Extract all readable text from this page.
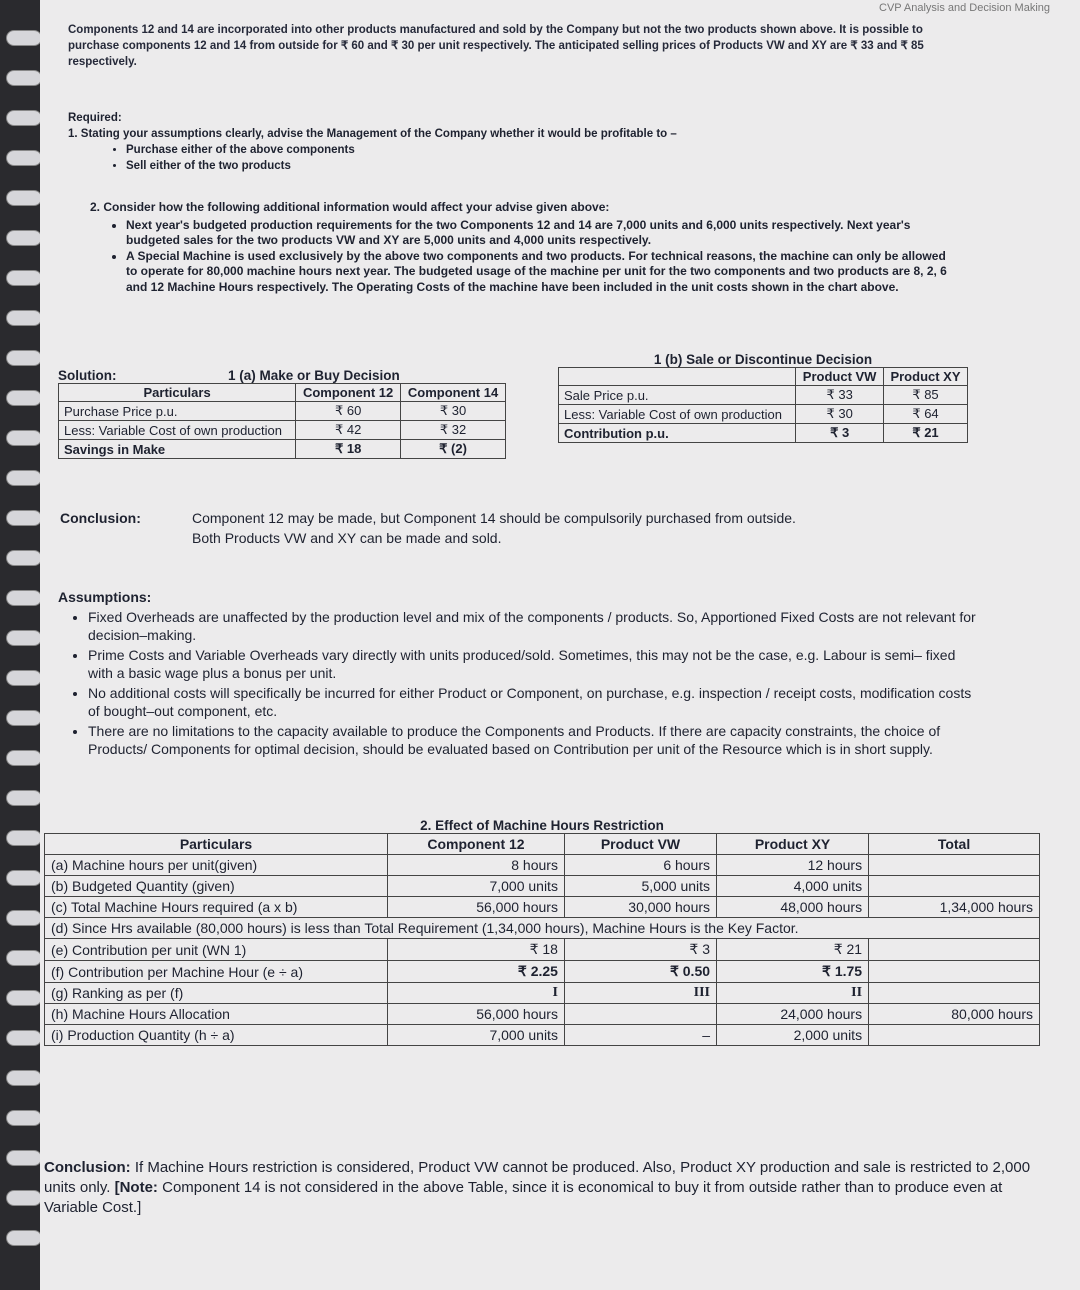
CVP Analysis and Decision Making

Components 12 and 14 are incorporated into other products manufactured and sold by the Company but not the two products shown above. It is possible to purchase components 12 and 14 from outside for ₹ 60 and ₹ 30 per unit respectively. The anticipated selling prices of Products VW and XY are ₹ 33 and ₹ 85 respectively.

Required:
1. Stating your assumptions clearly, advise the Management of the Company whether it would be profitable to –
• Purchase either of the above components
• Sell either of the two products
2. Consider how the following additional information would affect your advise given above:
• Next year's budgeted production requirements for the two Components 12 and 14 are 7,000 units and 6,000 units respectively. Next year's budgeted sales for the two products VW and XY are 5,000 units and 4,000 units respectively.
• A Special Machine is used exclusively by the above two components and two products. For technical reasons, the machine can only be allowed to operate for 80,000 machine hours next year. The budgeted usage of the machine per unit for the two components and two products are 8, 2, 6 and 12 Machine Hours respectively. The Operating Costs of the machine have been included in the unit costs shown in the chart above.
Solution:	1 (a) Make or Buy Decision
Particulars	Component 12	Component 14
Purchase Price p.u.	₹ 60	₹ 30
Less: Variable Cost of own production	₹ 42	₹ 32
Savings in Make	₹ 18	₹ (2)
1 (b) Sale or Discontinue Decision
	Product VW	Product XY
Sale Price p.u.	₹ 33	₹ 85
Less: Variable Cost of own production	₹ 30	₹ 64
Contribution p.u.	₹ 3	₹ 21
Conclusion:	Component 12 may be made, but Component 14 should be compulsorily purchased from outside.
Both Products VW and XY can be made and sold.
Assumptions:
• Fixed Overheads are unaffected by the production level and mix of the components / products. So, Apportioned Fixed Costs are not relevant for decision–making.
• Prime Costs and Variable Overheads vary directly with units produced/sold. Sometimes, this may not be the case, e.g. Labour is semi– fixed with a basic wage plus a bonus per unit.
• No additional costs will specifically be incurred for either Product or Component, on purchase, e.g. inspection / receipt costs, modification costs of bought–out component, etc.
• There are no limitations to the capacity available to produce the Components and Products. If there are capacity constraints, the choice of Products/ Components for optimal decision, should be evaluated based on Contribution per unit of the Resource which is in short supply.
2. Effect of Machine Hours Restriction
Particulars	Component 12	Product VW	Product XY	Total
(a) Machine hours per unit(given)	8 hours	6 hours	12 hours	
(b) Budgeted Quantity (given)	7,000 units	5,000 units	4,000 units	
(c) Total Machine Hours required (a x b)	56,000 hours	30,000 hours	48,000 hours	1,34,000 hours
(d) Since Hrs available (80,000 hours) is less than Total Requirement (1,34,000 hours), Machine Hours is the Key Factor.				
(e) Contribution per unit (WN 1)	₹ 18	₹ 3	₹ 21	
(f) Contribution per Machine Hour (e ÷ a)	₹ 2.25	₹ 0.50	₹ 1.75	
(g) Ranking as per (f)	I	III	II	
(h) Machine Hours Allocation	56,000 hours		24,000 hours	80,000 hours
(i) Production Quantity (h ÷ a)	7,000 units	–	2,000 units	
Conclusion: If Machine Hours restriction is considered, Product VW cannot be produced. Also, Product XY production and sale is restricted to 2,000 units only. [Note: Component 14 is not considered in the above Table, since it is economical to buy it from outside rather than to produce even at Variable Cost.]
